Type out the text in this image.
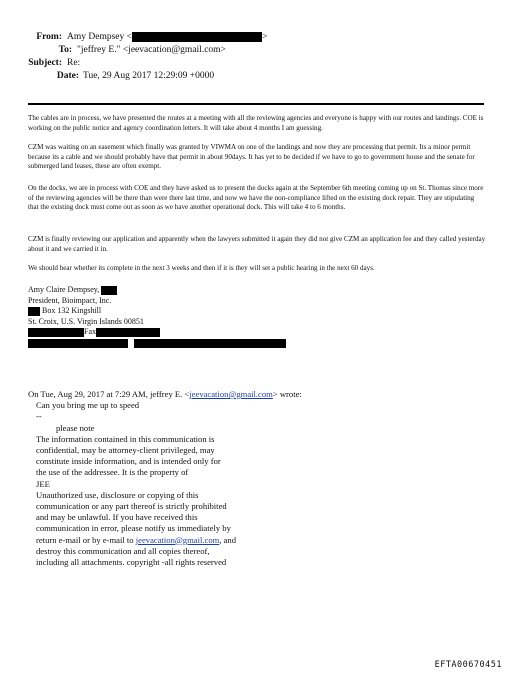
From: Amy Dempsey <	>
To: "jeffrey E." <jeevacation@gmail.com>
Subject: Re:
Date: Tue, 29 Aug 2017 12:29:09 +0000

The cables are in process, we have presented the routes at a meeting with all the reviewing agencies and everyone is happy with our routes and landings. COE is working on the public notice and agency coordination letters. It will take about 4 months I am guessing.

CZM was waiting on an easement which finally was granted by VIWMA on one of the landings and now they are processing that permit. Its a minor permit because its a cable and we should probably have that permit in about 90days. It has yet to be decided if we have to go to government house and the senate for submerged land leases, these are often exempt.

On the docks, we are in process with COE and they have asked us to present the docks again at the September 6th meeting coming up on St. Thomas since more of the reviewing agencies will be there than were there last time, and now we have the non-compliance lifted on the existing dock repair. They are stipulating that the existing dock must come out as soon as we have another operational dock. This will take 4 to 6 months.

CZM is finally reviewing our application and apparently when the lawyers submitted it again they did not give CZM an application fee and they called yesterday about it and we carried it in.

We should hear whether its complete in the next 3 weeks and then if it is they will set a public hearing in the next 60 days.

Amy Claire Dempsey,
President, Bioimpact, Inc.
Box 132 Kingshill
St. Croix, U.S. Virgin Islands 00851
Fax

On Tue, Aug 29, 2017 at 7:29 AM, jeffrey E. <jeevacation@gmail.com> wrote:
Can you bring me up to speed
--
please note
The information contained in this communication is
confidential, may be attorney-client privileged, may
constitute inside information, and is intended only for
the use of the addressee. It is the property of
JEE
Unauthorized use, disclosure or copying of this
communication or any part thereof is strictly prohibited
and may be unlawful. If you have received this
communication in error, please notify us immediately by
return e-mail or by e-mail to jeevacation@gmail.com, and
destroy this communication and all copies thereof,
including all attachments. copyright -all rights reserved
EFTA00670451
